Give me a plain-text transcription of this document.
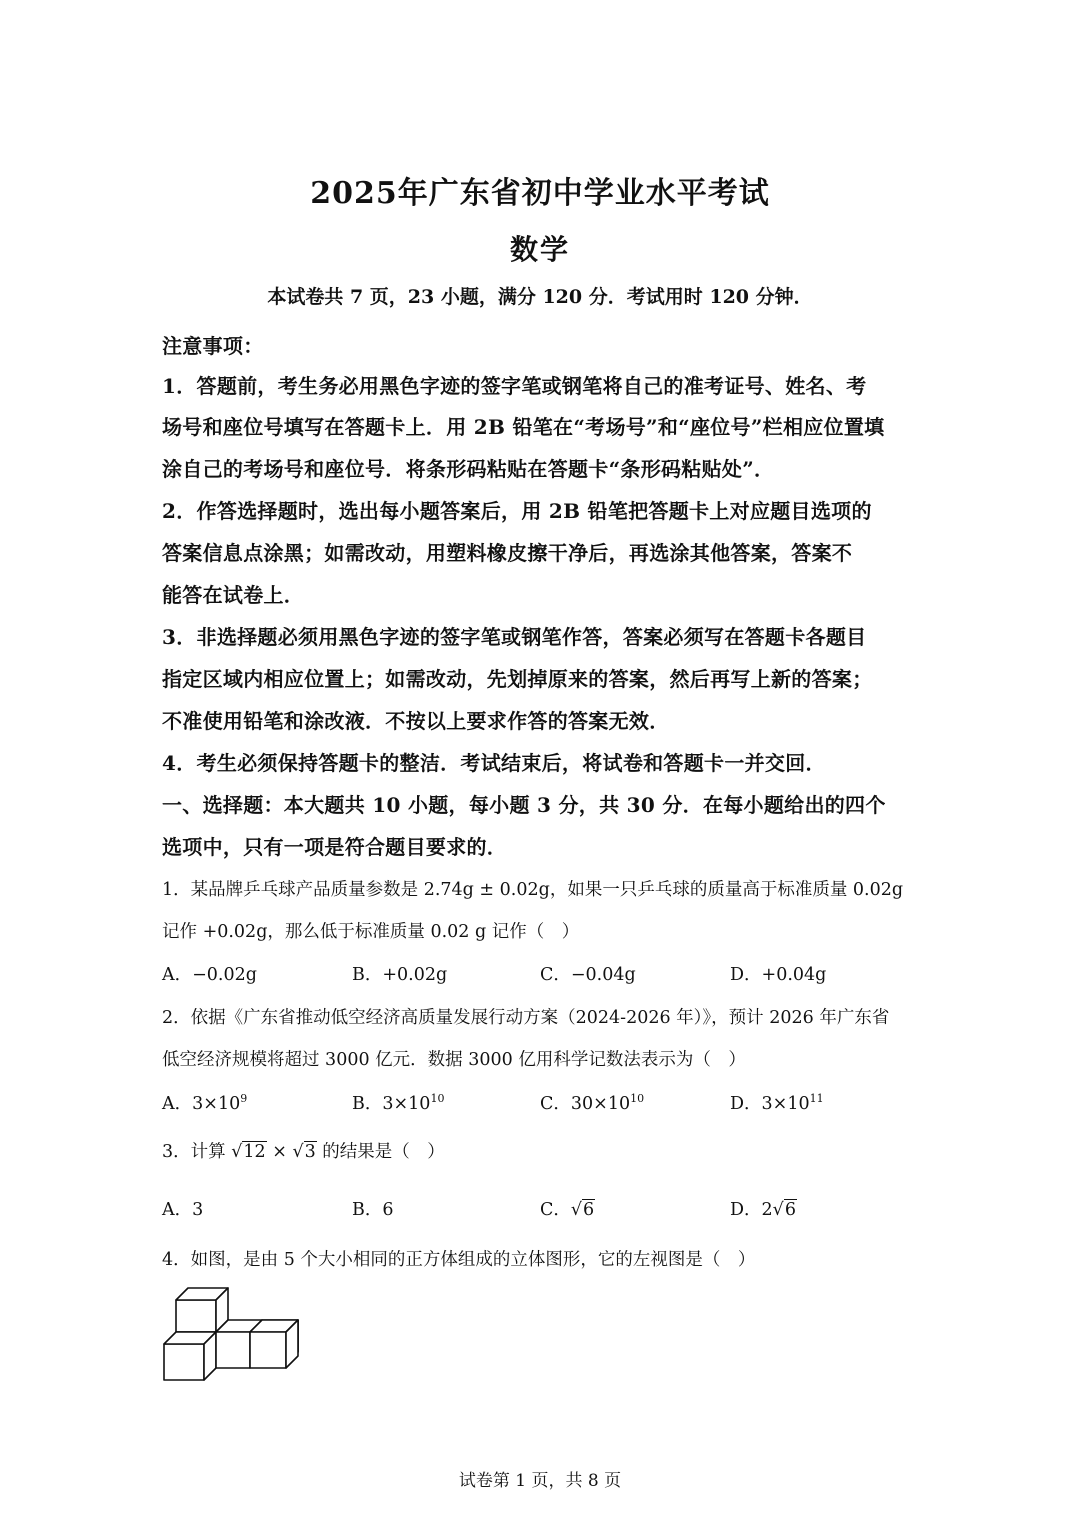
2025年广东省初中学业水平考试
数学
本试卷共 7 页，23 小题，满分 120 分．考试用时 120 分钟．
注意事项：
1．答题前，考生务必用黑色字迹的签字笔或钢笔将自己的准考证号、姓名、考
场号和座位号填写在答题卡上．用 2B 铅笔在“考场号”和“座位号”栏相应位置填
涂自己的考场号和座位号．将条形码粘贴在答题卡“条形码粘贴处”．
2．作答选择题时，选出每小题答案后，用 2B 铅笔把答题卡上对应题目选项的
答案信息点涂黑；如需改动，用塑料橡皮擦干净后，再选涂其他答案，答案不
能答在试卷上．
3．非选择题必须用黑色字迹的签字笔或钢笔作答，答案必须写在答题卡各题目
指定区域内相应位置上；如需改动，先划掉原来的答案，然后再写上新的答案；
不准使用铅笔和涂改液．不按以上要求作答的答案无效．
4．考生必须保持答题卡的整洁．考试结束后，将试卷和答题卡一并交回．
一、选择题：本大题共 10 小题，每小题 3 分，共 30 分．在每小题给出的四个
选项中，只有一项是符合题目要求的．
1．某品牌乒乓球产品质量参数是 2.74g ± 0.02g，如果一只乒乓球的质量高于标准质量 0.02g
记作 +0.02g，那么低于标准质量 0.02 g 记作（　）
A．−0.02g	B．+0.02g	C．−0.04g	D．+0.04g
2．依据《广东省推动低空经济高质量发展行动方案（2024-2026 年）》，预计 2026 年广东省
低空经济规模将超过 3000 亿元．数据 3000 亿用科学记数法表示为（　）
A．$3\times 10^9$	B．$3\times 10^{10}$	C．$30\times 10^{10}$	D．$3\times 10^{11}$
3．计算 √12 × √3 的结果是（　）
A．3	B．6	C．√6	D．2√6
4．如图，是由 5 个大小相同的正方体组成的立体图形，它的左视图是（　）
试卷第 1 页，共 8 页
